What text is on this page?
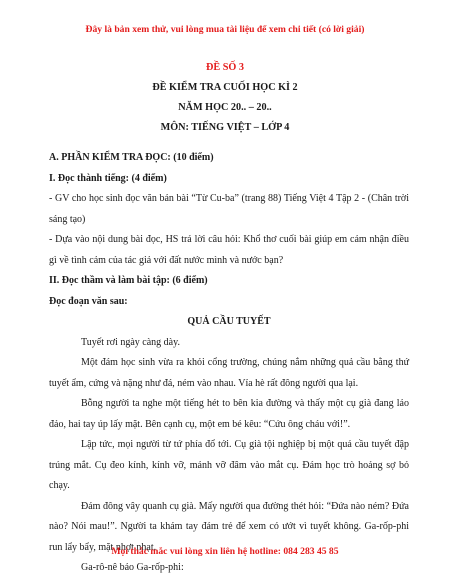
Đây là bản xem thử, vui lòng mua tài liệu để xem chi tiết (có lời giải)
ĐỀ SỐ 3
ĐỀ KIỂM TRA CUỐI HỌC KÌ 2
NĂM HỌC 20.. – 20..
MÔN: TIẾNG VIỆT – LỚP 4

A. PHẦN KIỂM TRA ĐỌC: (10 điểm)

I. Đọc thành tiếng: (4 điểm)

- GV cho học sinh đọc văn bản bài “Từ Cu-ba” (trang 88) Tiếng Việt 4 Tập 2 - (Chân trời sáng tạo)

- Dựa vào nội dung bài đọc, HS trả lời câu hỏi: Khổ thơ cuối bài giúp em cảm nhận điều gì về tình cảm của tác giả với đất nước mình và nước bạn?

II. Đọc thầm và làm bài tập: (6 điểm)

Đọc đoạn văn sau:

QUẢ CẦU TUYẾT

Tuyết rơi ngày càng dày.

Một đám học sinh vừa ra khỏi cổng trường, chúng nắm những quả cầu bằng thứ tuyết ẩm, cứng và nặng như đá, ném vào nhau. Vỉa hè rất đông người qua lại.

Bỗng người ta nghe một tiếng hét to bên kia đường và thấy một cụ già đang lảo đảo, hai tay úp lấy mặt. Bên cạnh cụ, một em bé kêu: “Cứu ông cháu với!”.

Lập tức, mọi người từ tứ phía đổ tới. Cụ già tội nghiệp bị một quả cầu tuyết đập trúng mắt. Cụ đeo kính, kính vỡ, mảnh vỡ đâm vào mắt cụ. Đám học trò hoảng sợ bỏ chạy.

Đám đông vây quanh cụ già. Mấy người qua đường thét hỏi: “Đứa nào ném? Đứa nào? Nói mau!”. Người ta khám tay đám trẻ để xem có ướt vì tuyết không. Ga-rốp-phi run lẩy bẩy, mặt nhợt nhạt.

Ga-rô-nê bảo Ga-rốp-phi:

Mọi thắc mắc vui lòng xin liên hệ hotline: 084 283 45 85
